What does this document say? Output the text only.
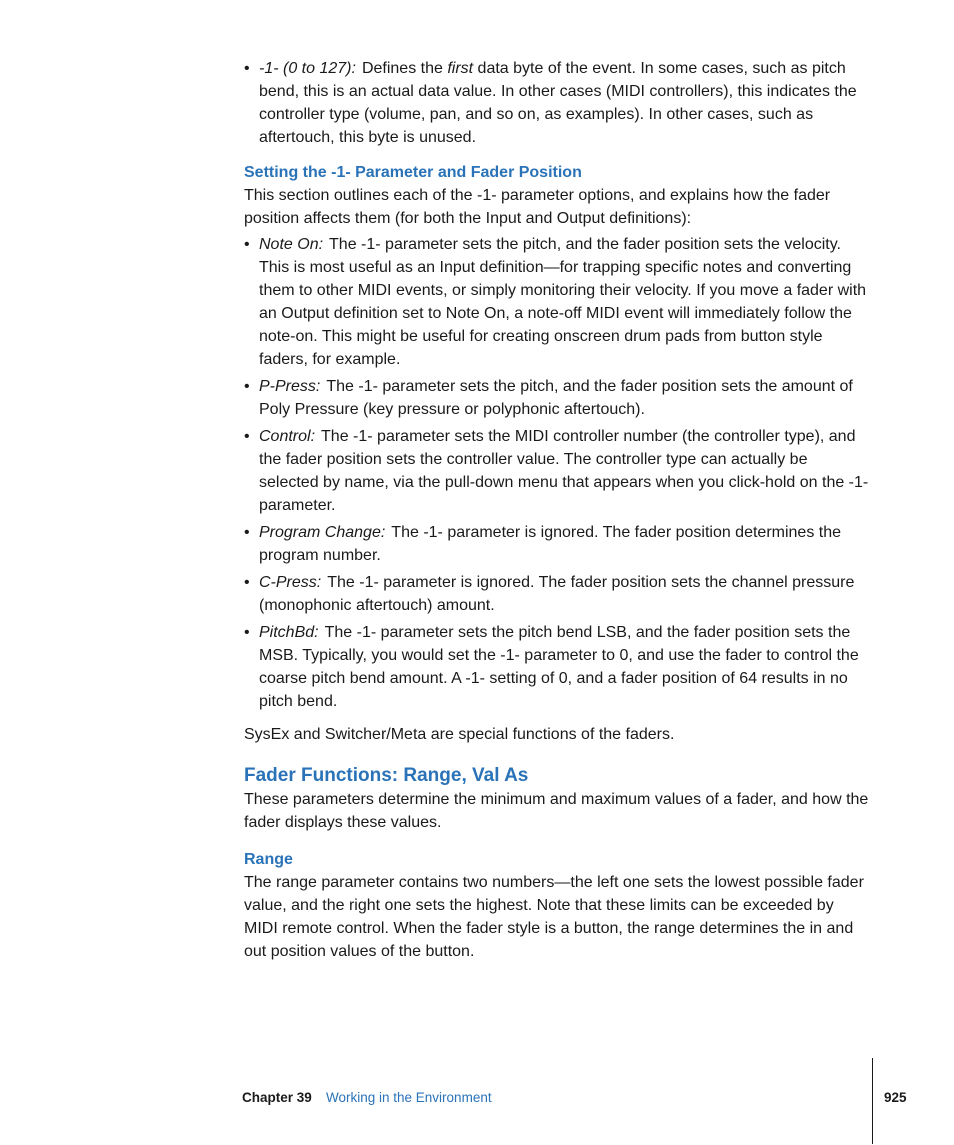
• -1- (0 to 127): Defines the first data byte of the event. In some cases, such as pitch bend, this is an actual data value. In other cases (MIDI controllers), this indicates the controller type (volume, pan, and so on, as examples). In other cases, such as aftertouch, this byte is unused.
Setting the -1- Parameter and Fader Position

This section outlines each of the -1- parameter options, and explains how the fader position affects them (for both the Input and Output definitions):

• Note On: The -1- parameter sets the pitch, and the fader position sets the velocity. This is most useful as an Input definition—for trapping specific notes and converting them to other MIDI events, or simply monitoring their velocity. If you move a fader with an Output definition set to Note On, a note-off MIDI event will immediately follow the note-on. This might be useful for creating onscreen drum pads from button style faders, for example.
• P-Press: The -1- parameter sets the pitch, and the fader position sets the amount of Poly Pressure (key pressure or polyphonic aftertouch).
• Control: The -1- parameter sets the MIDI controller number (the controller type), and the fader position sets the controller value. The controller type can actually be selected by name, via the pull-down menu that appears when you click-hold on the -1- parameter.
• Program Change: The -1- parameter is ignored. The fader position determines the program number.
• C-Press: The -1- parameter is ignored. The fader position sets the channel pressure (monophonic aftertouch) amount.
• PitchBd: The -1- parameter sets the pitch bend LSB, and the fader position sets the MSB. Typically, you would set the -1- parameter to 0, and use the fader to control the coarse pitch bend amount. A -1- setting of 0, and a fader position of 64 results in no pitch bend.

SysEx and Switcher/Meta are special functions of the faders.

Fader Functions: Range, Val As

These parameters determine the minimum and maximum values of a fader, and how the fader displays these values.

Range

The range parameter contains two numbers—the left one sets the lowest possible fader value, and the right one sets the highest. Note that these limits can be exceeded by MIDI remote control. When the fader style is a button, the range determines the in and out position values of the button.

Chapter 39 Working in the Environment	925
